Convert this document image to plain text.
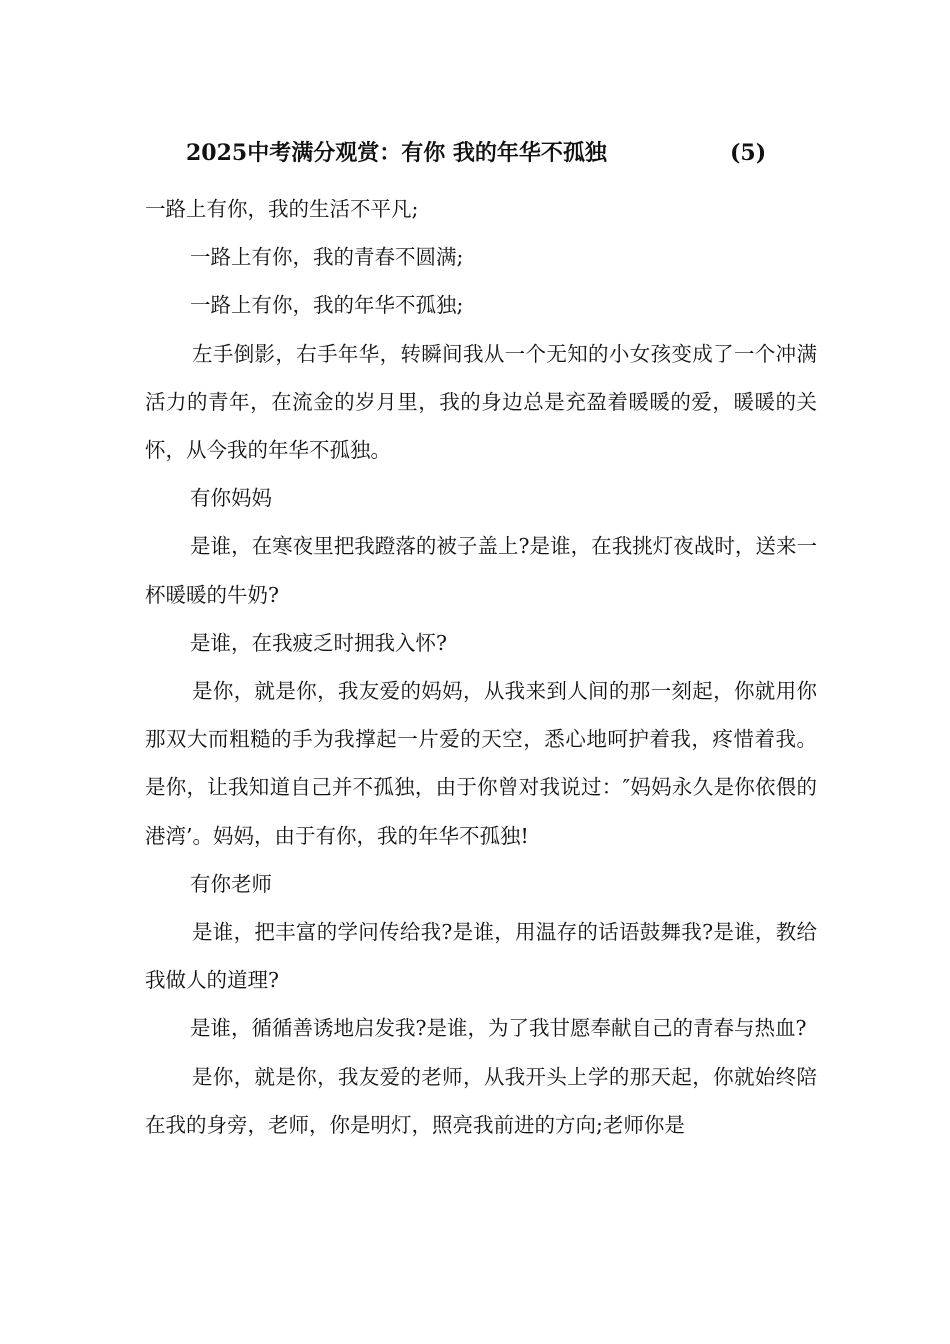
2025中考满分观赏：有你 我的年华不孤独	(5)

一路上有你，我的生活不平凡;

一路上有你，我的青春不圆满;

一路上有你，我的年华不孤独;

左手倒影，右手年华，转瞬间我从一个无知的小女孩变成了一个冲满活力的青年，在流金的岁月里，我的身边总是充盈着暖暖的爱，暖暖的关怀，从今我的年华不孤独。

有你妈妈

是谁，在寒夜里把我蹬落的被子盖上?是谁，在我挑灯夜战时，送来一杯暖暖的牛奶?

是谁，在我疲乏时拥我入怀?

是你，就是你，我友爱的妈妈，从我来到人间的那一刻起，你就用你那双大而粗糙的手为我撑起一片爱的天空，悉心地呵护着我，疼惜着我。是你，让我知道自己并不孤独，由于你曾对我说过：″妈妈永久是你依偎的港湾’。妈妈，由于有你，我的年华不孤独!

有你老师

是谁，把丰富的学问传给我?是谁，用温存的话语鼓舞我?是谁，教给我做人的道理?

是谁，循循善诱地启发我?是谁，为了我甘愿奉献自己的青春与热血?

是你，就是你，我友爱的老师，从我开头上学的那天起，你就始终陪在我的身旁，老师，你是明灯，照亮我前进的方向;老师你是
